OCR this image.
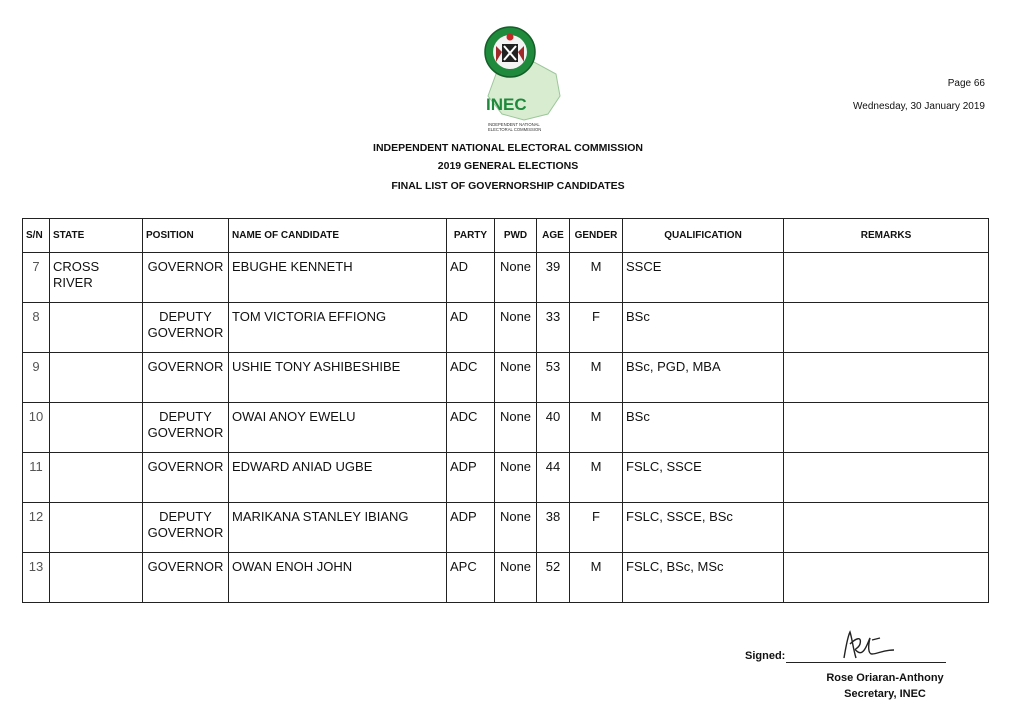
INEC
INDEPENDENT NATIONAL
ELECTORAL COMMISSION
Page 66
Wednesday, 30 January 2019
INDEPENDENT NATIONAL ELECTORAL COMMISSION
2019 GENERAL ELECTIONS
FINAL LIST OF GOVERNORSHIP CANDIDATES
S/N	STATE	POSITION	NAME OF CANDIDATE	PARTY	PWD	AGE	GENDER	QUALIFICATION	REMARKS
7	CROSS RIVER	GOVERNOR	EBUGHE KENNETH	AD	None	39	M	SSCE	
8		DEPUTY GOVERNOR	TOM VICTORIA EFFIONG	AD	None	33	F	BSc	
9		GOVERNOR	USHIE TONY ASHIBESHIBE	ADC	None	53	M	BSc, PGD, MBA	
10		DEPUTY GOVERNOR	OWAI ANOY EWELU	ADC	None	40	M	BSc	
11		GOVERNOR	EDWARD ANIAD UGBE	ADP	None	44	M	FSLC, SSCE	
12		DEPUTY GOVERNOR	MARIKANA STANLEY IBIANG	ADP	None	38	F	FSLC, SSCE, BSc	
13		GOVERNOR	OWAN ENOH JOHN	APC	None	52	M	FSLC, BSc, MSc	
Signed:
Rose Oriaran-Anthony
Secretary, INEC
